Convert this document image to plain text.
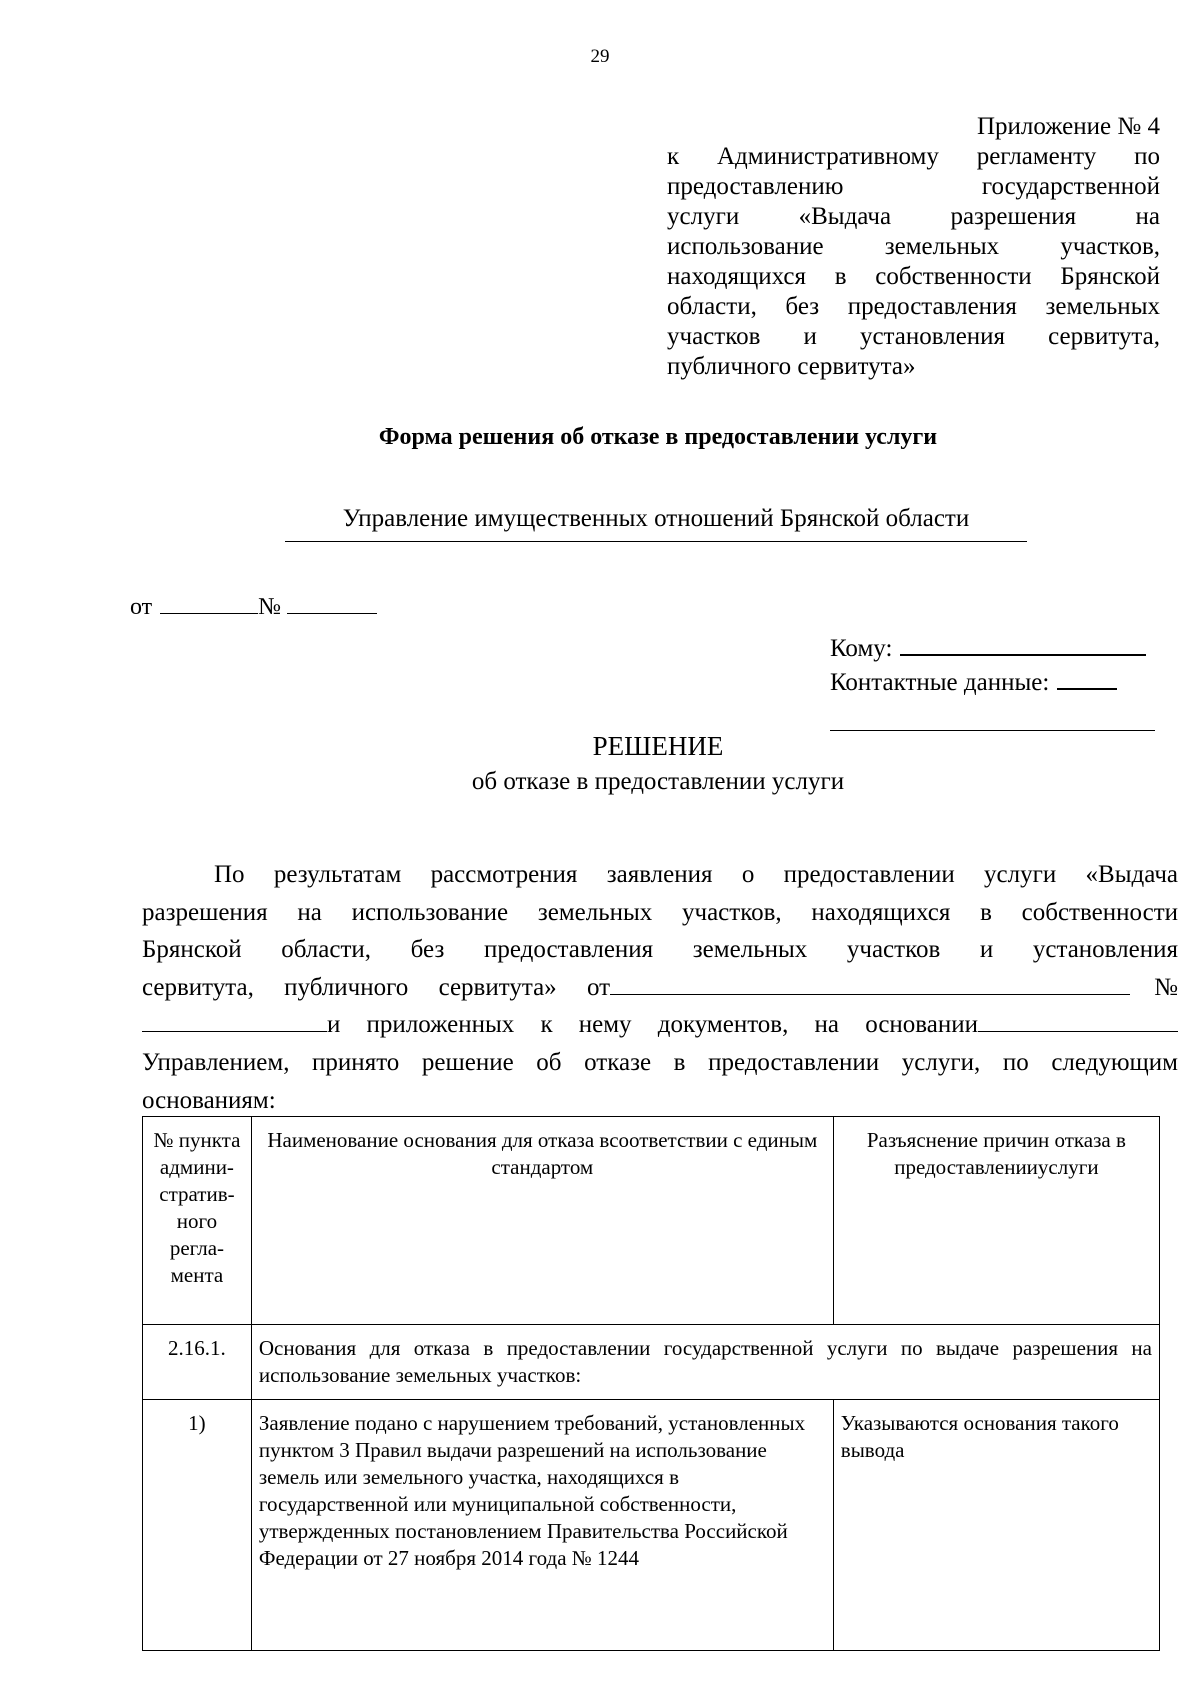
29
Приложение № 4
к Административному регламенту по
предоставлению государственной
услуги «Выдача разрешения на
использование земельных участков,
находящихся в собственности Брянской
области, без предоставления земельных
участков и установления сервитута,
публичного сервитута»
Форма решения об отказе в предоставлении услуги
Управление имущественных отношений Брянской области
от	№
Кому:
Контактные данные:
РЕШЕНИЕ
об отказе в предоставлении услуги
По результатам рассмотрения заявления о предоставлении услуги «Выдача
разрешения на использование земельных участков, находящихся в собственности
Брянской области, без предоставления земельных участков и установления
сервитута, публичного сервитута» от	№
и приложенных к нему документов, на основании
Управлением, принято решение об отказе в предоставлении услуги, по следующим
основаниям:
№ пункта админи-стратив-ного регла-мента	Наименование основания для отказа всоответствии с единым стандартом	Разъяснение причин отказа в предоставленииуслуги
2.16.1.	Основания для отказа в предоставлении государственной услуги по выдаче разрешения на использование земельных участков:	
1)	Заявление подано с нарушением требований, установленных пунктом 3 Правил выдачи разрешений на использование земель или земельного участка, находящихся в государственной или муниципальной собственности, утвержденных постановлением Правительства Российской Федерации от 27 ноября 2014 года № 1244	Указываются основания такого вывода
